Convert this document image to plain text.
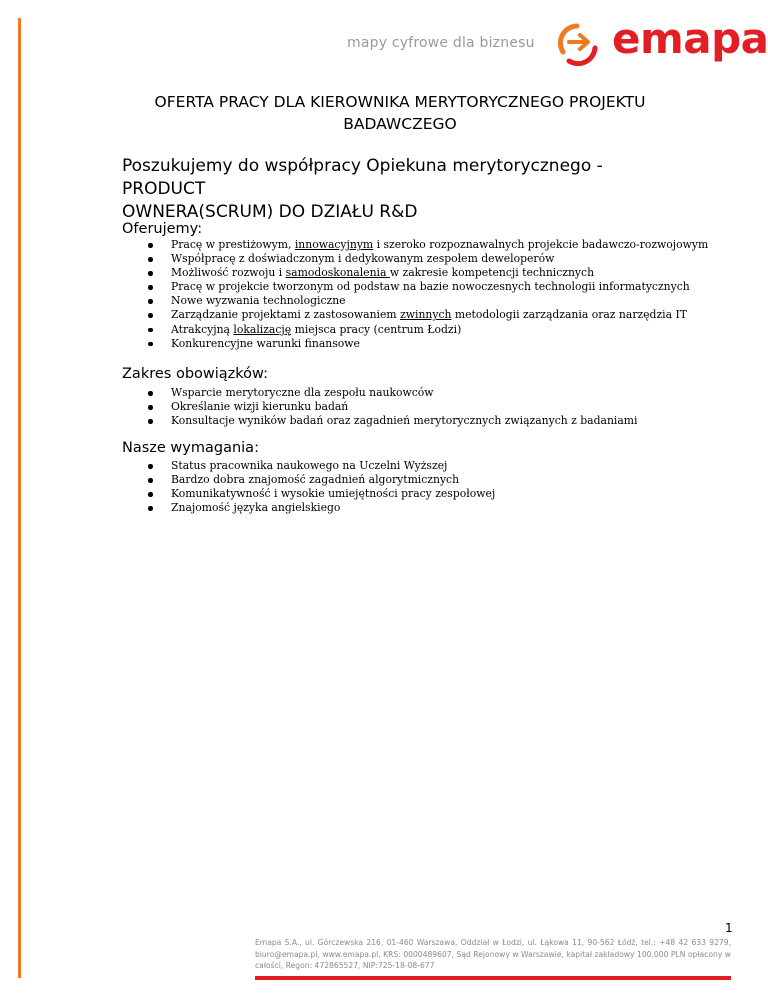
mapy cyfrowe dla biznesu emapa
OFERTA PRACY DLA KIEROWNIKA MERYTORYCZNEGO PROJEKTU
BADAWCZEGO
Poszukujemy do współpracy Opiekuna merytorycznego - PRODUCT
OWNERA(SCRUM) DO DZIAŁU R&D
Oferujemy:
Pracę w prestiżowym, innowacyjnym i szeroko rozpoznawalnych projekcie badawczo-rozwojowym
Współpracę z doświadczonym i dedykowanym zespołem deweloperów
Możliwość rozwoju i samodoskonalenia w zakresie kompetencji technicznych
Pracę w projekcie tworzonym od podstaw na bazie nowoczesnych technologii informatycznych
Nowe wyzwania technologiczne
Zarządzanie projektami z zastosowaniem zwinnych metodologii zarządzania oraz narzędzia IT
Atrakcyjną lokalizację miejsca pracy (centrum Łodzi)
Konkurencyjne warunki finansowe
Zakres obowiązków:
Wsparcie merytoryczne dla zespołu naukowców
Określanie wizji kierunku badań
Konsultacje wyników badań oraz zagadnień merytorycznych związanych z badaniami
Nasze wymagania:
Status pracownika naukowego na Uczelni Wyższej
Bardzo dobra znajomość zagadnień algorytmicznych
Komunikatywność i wysokie umiejętności pracy zespołowej
Znajomość języka angielskiego
1
Emapa S.A., ul. Górczewska 216, 01-460 Warszawa, Oddział w Łodzi, ul. Łąkowa 11, 90-562 Łódź, tel.: +48 42 633 9279, biuro@emapa.pl, www.emapa.pl, KRS: 0000489607, Sąd Rejonowy w Warszawie, kapitał zakładowy 100.000 PLN opłacony w całości, Regon: 472865527, NIP:725-18-08-677
